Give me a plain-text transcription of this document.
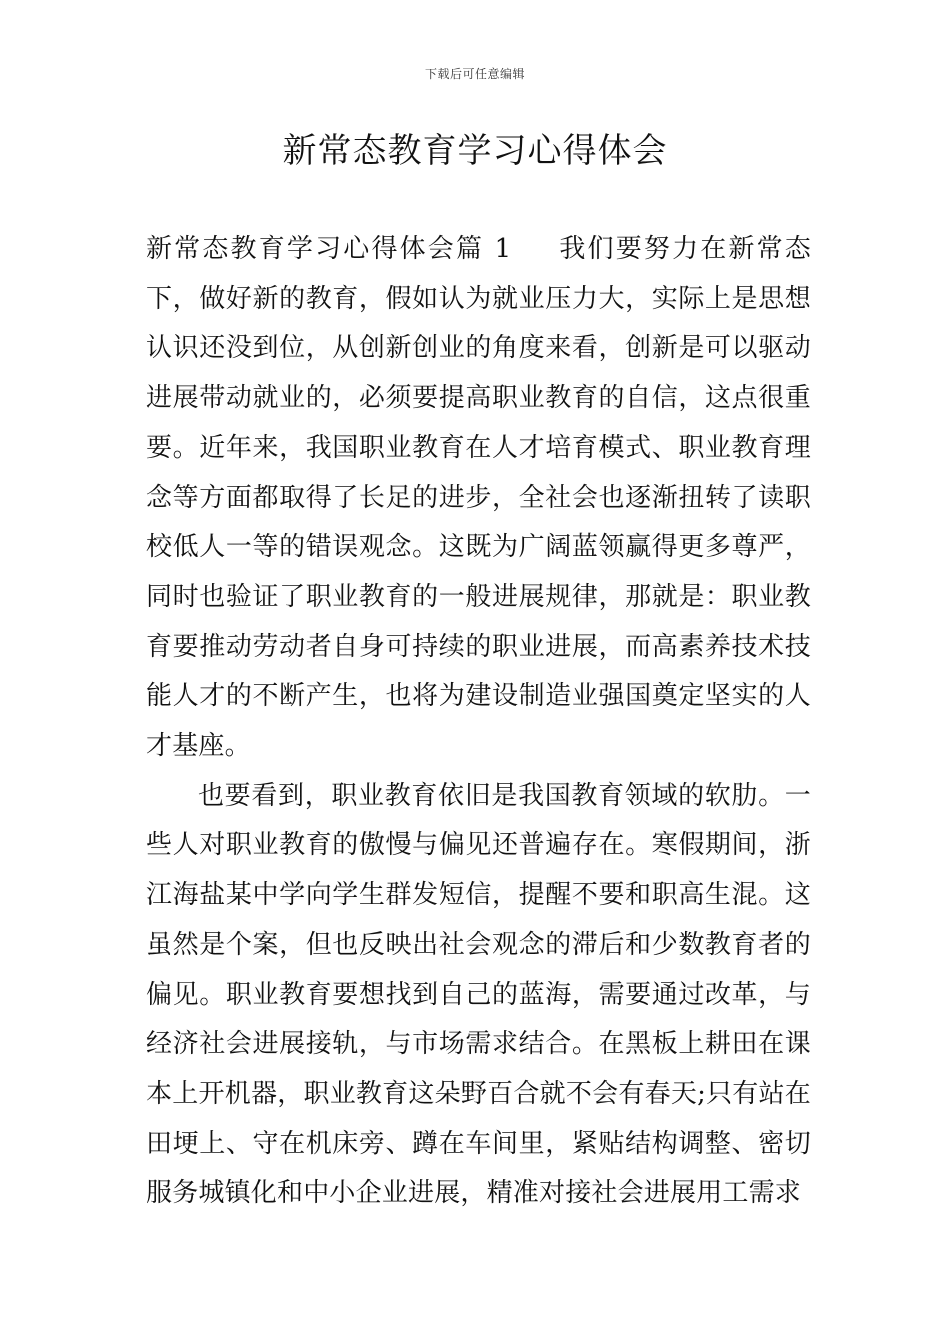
下载后可任意编辑
新常态教育学习心得体会

新常态教育学习心得体会篇 1 我们要努力在新常态下，做好新的教育，假如认为就业压力大，实际上是思想认识还没到位，从创新创业的角度来看，创新是可以驱动进展带动就业的，必须要提高职业教育的自信，这点很重要。近年来，我国职业教育在人才培育模式、职业教育理念等方面都取得了长足的进步，全社会也逐渐扭转了读职校低人一等的错误观念。这既为广阔蓝领赢得更多尊严，同时也验证了职业教育的一般进展规律，那就是：职业教育要推动劳动者自身可持续的职业进展，而高素养技术技能人才的不断产生，也将为建设制造业强国奠定坚实的人才基座。

也要看到，职业教育依旧是我国教育领域的软肋。一些人对职业教育的傲慢与偏见还普遍存在。寒假期间，浙江海盐某中学向学生群发短信，提醒不要和职高生混。这虽然是个案，但也反映出社会观念的滞后和少数教育者的偏见。职业教育要想找到自己的蓝海，需要通过改革，与经济社会进展接轨，与市场需求结合。在黑板上耕田在课本上开机器，职业教育这朵野百合就不会有春天;只有站在田埂上、守在机床旁、蹲在车间里，紧贴结构调整、密切服务城镇化和中小企业进展，精准对接社会进展用工需求
